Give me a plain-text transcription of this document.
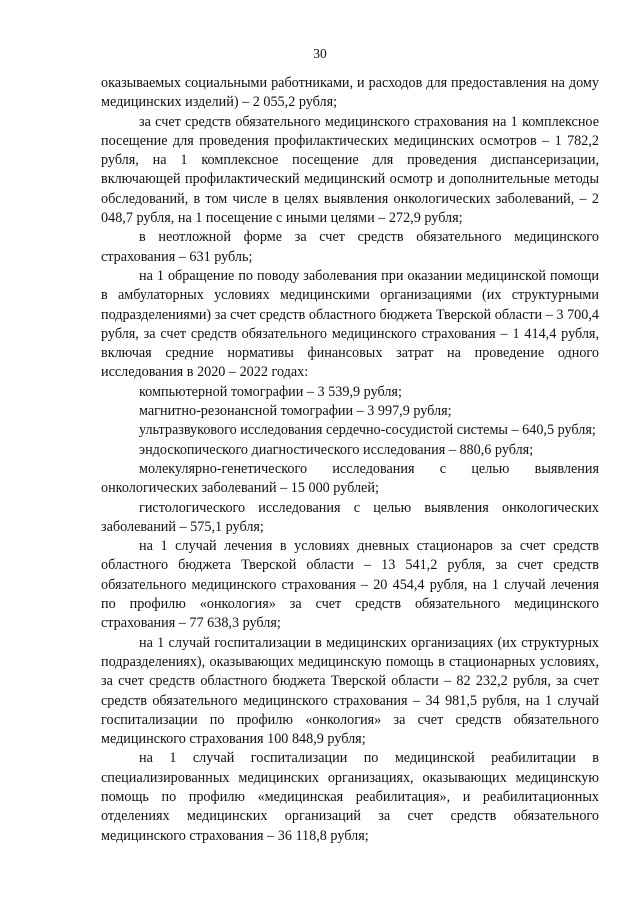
30

оказываемых социальными работниками, и расходов для предоставления на дому медицинских изделий) – 2 055,2 рубля;

за счет средств обязательного медицинского страхования на 1 комплексное посещение для проведения профилактических медицинских осмотров – 1 782,2 рубля, на 1 комплексное посещение для проведения диспансеризации, включающей профилактический медицинский осмотр и дополнительные методы обследований, в том числе в целях выявления онкологических заболеваний, – 2 048,7 рубля, на 1 посещение с иными целями – 272,9 рубля;

в неотложной форме за счет средств обязательного медицинского страхования – 631 рубль;

на 1 обращение по поводу заболевания при оказании медицинской помощи в амбулаторных условиях медицинскими организациями (их структурными подразделениями) за счет средств областного бюджета Тверской области – 3 700,4 рубля, за счет средств обязательного медицинского страхования – 1 414,4 рубля, включая средние нормативы финансовых затрат на проведение одного исследования в 2020 – 2022 годах:

компьютерной томографии – 3 539,9 рубля;

магнитно-резонансной томографии – 3 997,9 рубля;

ультразвукового исследования сердечно-сосудистой системы – 640,5 рубля;

эндоскопического диагностического исследования – 880,6 рубля;

молекулярно-генетического исследования с целью выявления онкологических заболеваний – 15 000 рублей;

гистологического исследования с целью выявления онкологических заболеваний – 575,1 рубля;

на 1 случай лечения в условиях дневных стационаров за счет средств областного бюджета Тверской области – 13 541,2 рубля, за счет средств обязательного медицинского страхования – 20 454,4 рубля, на 1 случай лечения по профилю «онкология» за счет средств обязательного медицинского страхования – 77 638,3 рубля;

на 1 случай госпитализации в медицинских организациях (их структурных подразделениях), оказывающих медицинскую помощь в стационарных условиях, за счет средств областного бюджета Тверской области – 82 232,2 рубля, за счет средств обязательного медицинского страхования – 34 981,5 рубля, на 1 случай госпитализации по профилю «онкология» за счет средств обязательного медицинского страхования 100 848,9 рубля;

на 1 случай госпитализации по медицинской реабилитации в специализированных медицинских организациях, оказывающих медицинскую помощь по профилю «медицинская реабилитация», и реабилитационных отделениях медицинских организаций за счет средств обязательного медицинского страхования – 36 118,8 рубля;
